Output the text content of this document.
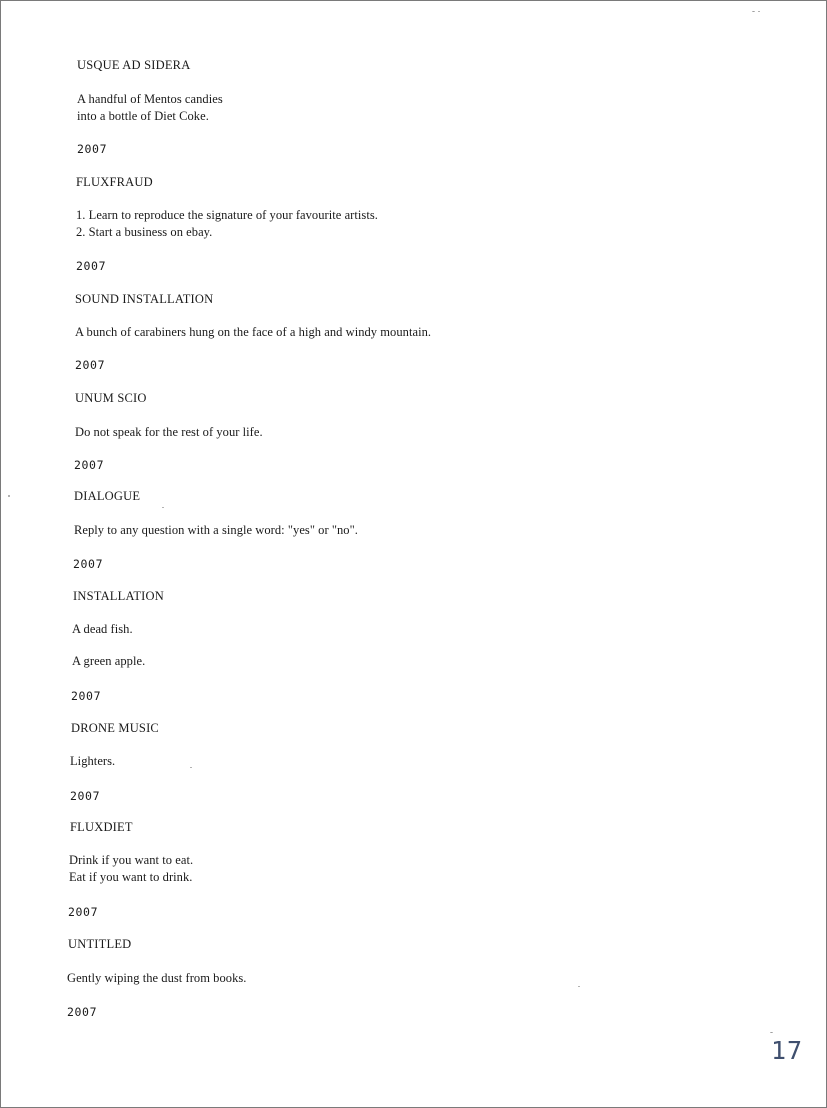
USQUE AD SIDERA
A handful of Mentos candies
into a bottle of Diet Coke.
2007
FLUXFRAUD
1. Learn to reproduce the signature of your favourite artists.
2. Start a business on ebay.
2007
SOUND INSTALLATION
A bunch of carabiners hung on the face of a high and windy mountain.
2007
UNUM SCIO
Do not speak for the rest of your life.
2007
DIALOGUE
Reply to any question with a single word: "yes" or "no".
2007
INSTALLATION
A dead fish.
A green apple.
2007
DRONE MUSIC
Lighters.
2007
FLUXDIET
Drink if you want to eat.
Eat if you want to drink.
2007
UNTITLED
Gently wiping the dust from books.
2007
17
